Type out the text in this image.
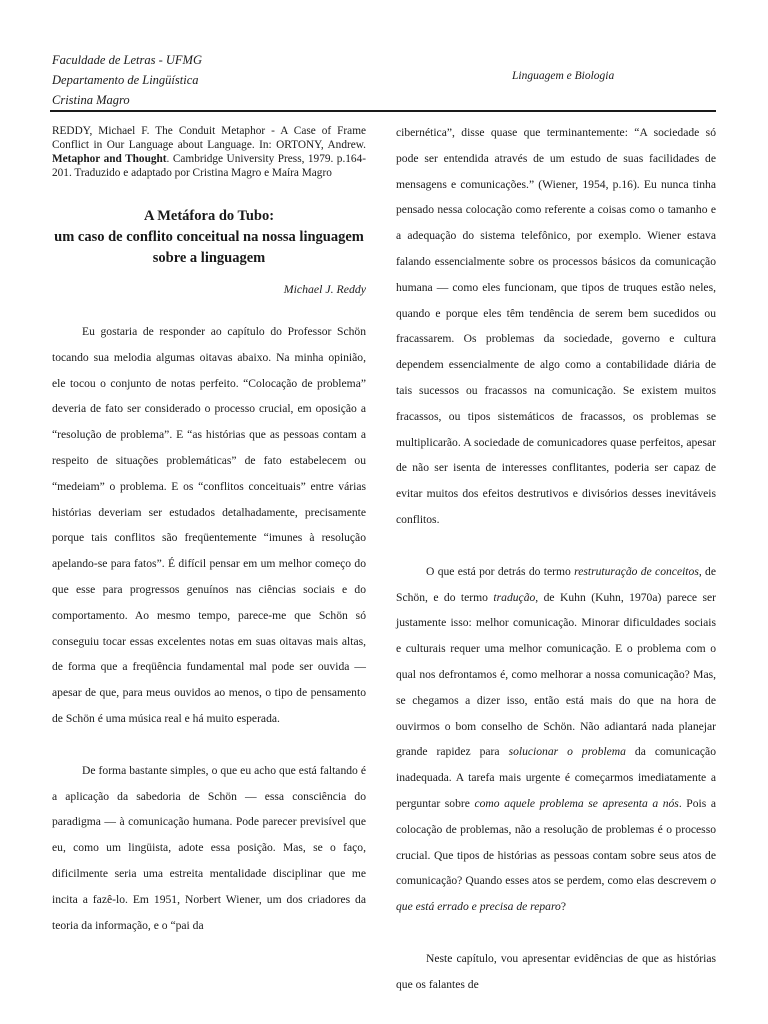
Faculdade de Letras - UFMG
Departamento de Lingüística
Cristina Magro
Linguagem e Biologia

REDDY, Michael F. The Conduit Metaphor - A Case of Frame Conflict in Our Language about Language. In: ORTONY, Andrew. Metaphor and Thought. Cambridge University Press, 1979. p.164-201. Traduzido e adaptado por Cristina Magro e Maíra Magro

A Metáfora do Tubo:
um caso de conflito conceitual na nossa linguagem
sobre a linguagem
Michael J. Reddy

Eu gostaria de responder ao capítulo do Professor Schön tocando sua melodia algumas oitavas abaixo. Na minha opinião, ele tocou o conjunto de notas perfeito. “Colocação de problema” deveria de fato ser considerado o processo crucial, em oposição a “resolução de problema”. E “as histórias que as pessoas contam a respeito de situações problemáticas” de fato estabelecem ou “medeiam” o problema. E os “conflitos conceituais” entre várias histórias deveriam ser estudados detalhadamente, precisamente porque tais conflitos são freqüentemente “imunes à resolução apelando-se para fatos”. É difícil pensar em um melhor começo do que esse para progressos genuínos nas ciências sociais e do comportamento. Ao mesmo tempo, parece-me que Schön só conseguiu tocar essas excelentes notas em suas oitavas mais altas, de forma que a freqüência fundamental mal pode ser ouvida — apesar de que, para meus ouvidos ao menos, o tipo de pensamento de Schön é uma música real e há muito esperada.

De forma bastante simples, o que eu acho que está faltando é a aplicação da sabedoria de Schön — essa consciência do paradigma — à comunicação humana. Pode parecer previsível que eu, como um lingüista, adote essa posição. Mas, se o faço, dificilmente seria uma estreita mentalidade disciplinar que me incita a fazê-lo. Em 1951, Norbert Wiener, um dos criadores da teoria da informação, e o “pai da

cibernética”, disse quase que terminantemente: “A sociedade só pode ser entendida através de um estudo de suas facilidades de mensagens e comunicações.” (Wiener, 1954, p.16). Eu nunca tinha pensado nessa colocação como referente a coisas como o tamanho e a adequação do sistema telefônico, por exemplo. Wiener estava falando essencialmente sobre os processos básicos da comunicação humana — como eles funcionam, que tipos de truques estão neles, quando e porque eles têm tendência de serem bem sucedidos ou fracassarem. Os problemas da sociedade, governo e cultura dependem essencialmente de algo como a contabilidade diária de tais sucessos ou fracassos na comunicação. Se existem muitos fracassos, ou tipos sistemáticos de fracassos, os problemas se multiplicarão. A sociedade de comunicadores quase perfeitos, apesar de não ser isenta de interesses conflitantes, poderia ser capaz de evitar muitos dos efeitos destrutivos e divisórios desses inevitáveis conflitos.

O que está por detrás do termo restruturação de conceitos, de Schön, e do termo tradução, de Kuhn (Kuhn, 1970a) parece ser justamente isso: melhor comunicação. Minorar dificuldades sociais e culturais requer uma melhor comunicação. E o problema com o qual nos defrontamos é, como melhorar a nossa comunicação? Mas, se chegamos a dizer isso, então está mais do que na hora de ouvirmos o bom conselho de Schön. Não adiantará nada planejar grande rapidez para solucionar o problema da comunicação inadequada. A tarefa mais urgente é começarmos imediatamente a perguntar sobre como aquele problema se apresenta a nós. Pois a colocação de problemas, não a resolução de problemas é o processo crucial. Que tipos de histórias as pessoas contam sobre seus atos de comunicação? Quando esses atos se perdem, como elas descrevem o que está errado e precisa de reparo?

Neste capítulo, vou apresentar evidências de que as histórias que os falantes de
